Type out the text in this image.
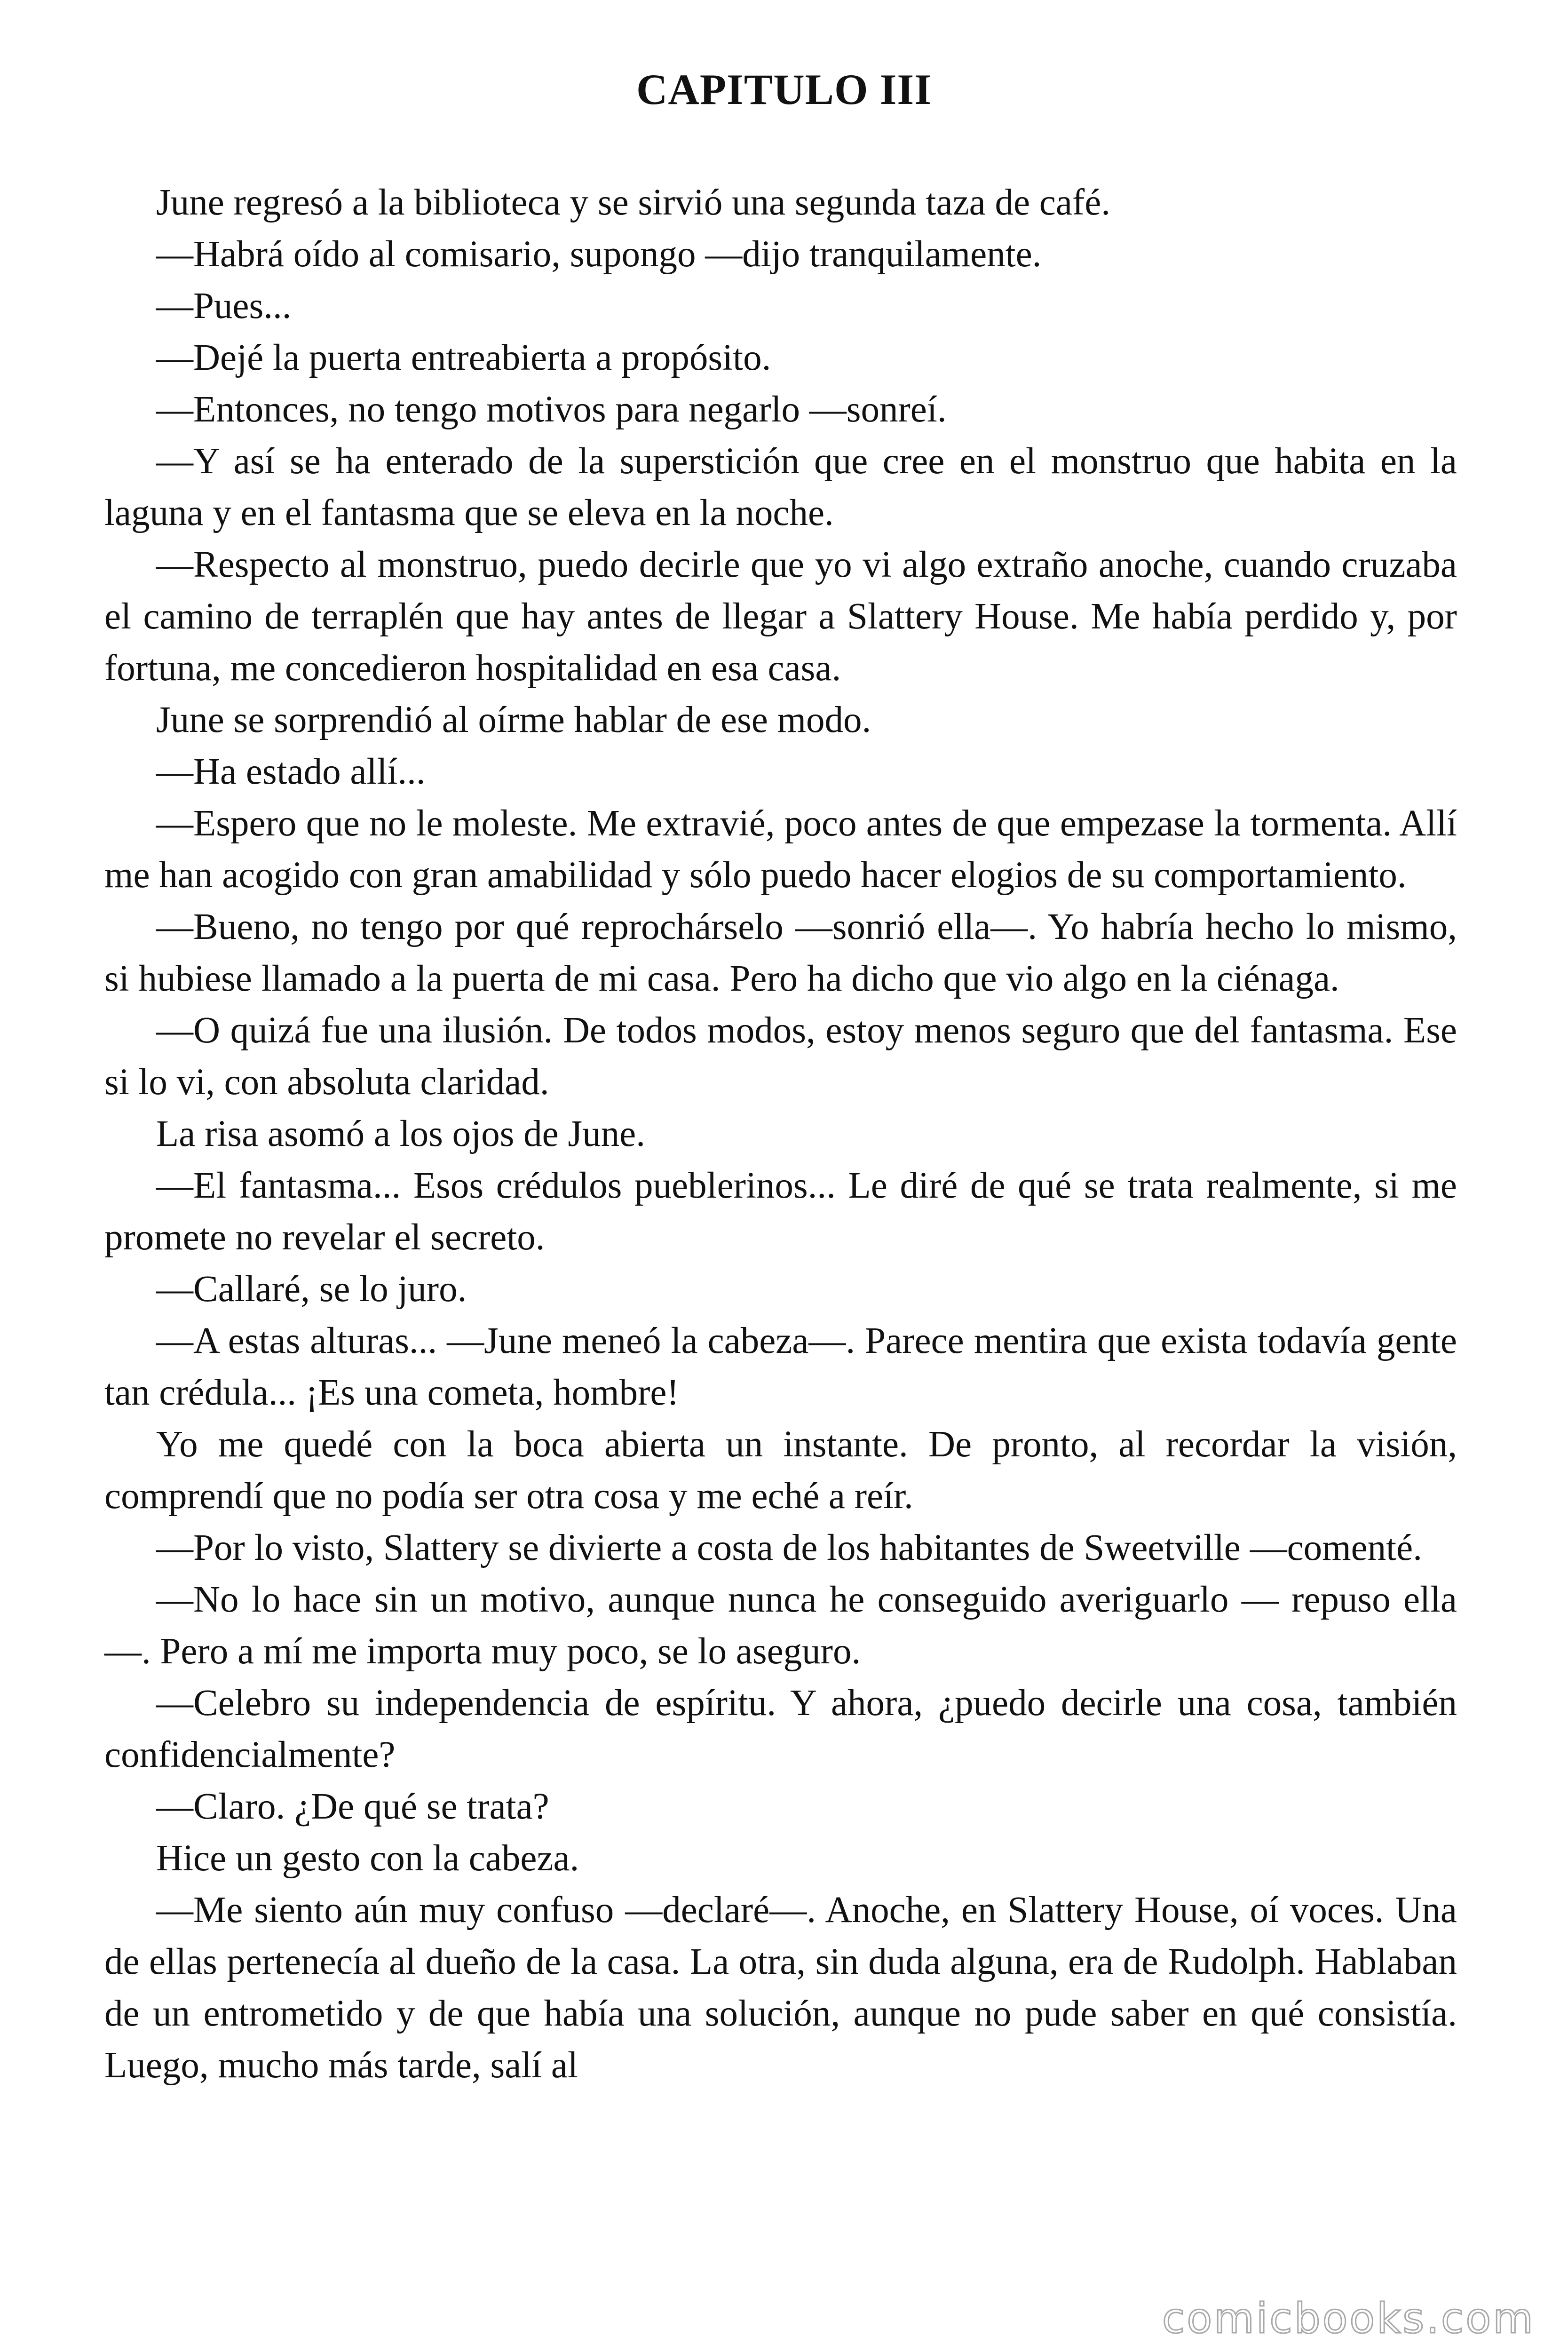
CAPITULO III

June regresó a la biblioteca y se sirvió una segunda taza de café.

—Habrá oído al comisario, supongo —dijo tranquilamente.

—Pues...

—Dejé la puerta entreabierta a propósito.

—Entonces, no tengo motivos para negarlo —sonreí.

—Y así se ha enterado de la superstición que cree en el monstruo que habita en la laguna y en el fantasma que se eleva en la noche.

—Respecto al monstruo, puedo decirle que yo vi algo extraño anoche, cuando cruzaba el camino de terraplén que hay antes de llegar a Slattery House. Me había perdido y, por fortuna, me concedieron hospitalidad en esa casa.

June se sorprendió al oírme hablar de ese modo.

—Ha estado allí...

—Espero que no le moleste. Me extravié, poco antes de que empezase la tormenta. Allí me han acogido con gran amabilidad y sólo puedo hacer elogios de su comportamiento.

—Bueno, no tengo por qué reprochárselo —sonrió ella—. Yo habría hecho lo mismo, si hubiese llamado a la puerta de mi casa. Pero ha dicho que vio algo en la ciénaga.

—O quizá fue una ilusión. De todos modos, estoy menos seguro que del fantasma. Ese si lo vi, con absoluta claridad.

La risa asomó a los ojos de June.

—El fantasma... Esos crédulos pueblerinos... Le diré de qué se trata realmente, si me promete no revelar el secreto.

—Callaré, se lo juro.

—A estas alturas... —June meneó la cabeza—. Parece mentira que exista todavía gente tan crédula... ¡Es una cometa, hombre!

Yo me quedé con la boca abierta un instante. De pronto, al recordar la visión, comprendí que no podía ser otra cosa y me eché a reír.

—Por lo visto, Slattery se divierte a costa de los habitantes de Sweetville —comenté.

—No lo hace sin un motivo, aunque nunca he conseguido averiguarlo — repuso ella—. Pero a mí me importa muy poco, se lo aseguro.

—Celebro su independencia de espíritu. Y ahora, ¿puedo decirle una cosa, también confidencialmente?

—Claro. ¿De qué se trata?

Hice un gesto con la cabeza.

—Me siento aún muy confuso —declaré—. Anoche, en Slattery House, oí voces. Una de ellas pertenecía al dueño de la casa. La otra, sin duda alguna, era de Rudolph. Hablaban de un entrometido y de que había una solución, aunque no pude saber en qué consistía. Luego, mucho más tarde, salí al

comicbooks.com
